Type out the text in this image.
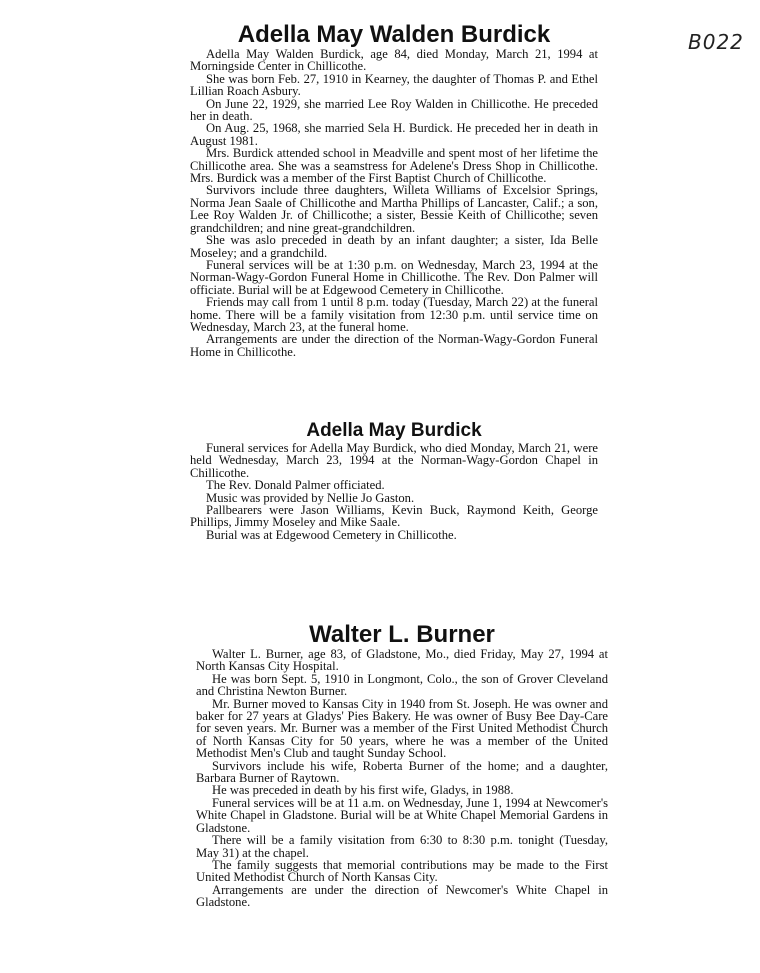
B022
Adella May Walden Burdick

Adella May Walden Burdick, age 84, died Monday, March 21, 1994 at Morningside Center in Chillicothe.

She was born Feb. 27, 1910 in Kearney, the daughter of Thomas P. and Ethel Lillian Roach Asbury.

On June 22, 1929, she married Lee Roy Walden in Chillicothe. He preceded her in death.

On Aug. 25, 1968, she married Sela H. Burdick. He preceded her in death in August 1981.

Mrs. Burdick attended school in Meadville and spent most of her lifetime the Chillicothe area. She was a seamstress for Adelene's Dress Shop in Chillicothe. Mrs. Burdick was a member of the First Baptist Church of Chillicothe.

Survivors include three daughters, Willeta Williams of Excelsior Springs, Norma Jean Saale of Chillicothe and Martha Phillips of Lancaster, Calif.; a son, Lee Roy Walden Jr. of Chillicothe; a sister, Bessie Keith of Chillicothe; seven grandchildren; and nine great-grandchildren.

She was aslo preceded in death by an infant daughter; a sister, Ida Belle Moseley; and a grandchild.

Funeral services will be at 1:30 p.m. on Wednesday, March 23, 1994 at the Norman-Wagy-Gordon Funeral Home in Chillicothe. The Rev. Don Palmer will officiate. Burial will be at Edgewood Cemetery in Chillicothe.

Friends may call from 1 until 8 p.m. today (Tuesday, March 22) at the funeral home. There will be a family visitation from 12:30 p.m. until service time on Wednesday, March 23, at the funeral home.

Arrangements are under the direction of the Norman-Wagy-Gordon Funeral Home in Chillicothe.

Adella May Burdick

Funeral services for Adella May Burdick, who died Monday, March 21, were held Wednesday, March 23, 1994 at the Norman-Wagy-Gordon Chapel in Chillicothe.

The Rev. Donald Palmer officiated.

Music was provided by Nellie Jo Gaston.

Pallbearers were Jason Williams, Kevin Buck, Raymond Keith, George Phillips, Jimmy Moseley and Mike Saale.

Burial was at Edgewood Cemetery in Chillicothe.

Walter L. Burner

Walter L. Burner, age 83, of Gladstone, Mo., died Friday, May 27, 1994 at North Kansas City Hospital.

He was born Sept. 5, 1910 in Longmont, Colo., the son of Grover Cleveland and Christina Newton Burner.

Mr. Burner moved to Kansas City in 1940 from St. Joseph. He was owner and baker for 27 years at Gladys' Pies Bakery. He was owner of Busy Bee Day-Care for seven years. Mr. Burner was a member of the First United Methodist Church of North Kansas City for 50 years, where he was a member of the United Methodist Men's Club and taught Sunday School.

Survivors include his wife, Roberta Burner of the home; and a daughter, Barbara Burner of Raytown.

He was preceded in death by his first wife, Gladys, in 1988.

Funeral services will be at 11 a.m. on Wednesday, June 1, 1994 at Newcomer's White Chapel in Gladstone. Burial will be at White Chapel Memorial Gardens in Gladstone.

There will be a family visitation from 6:30 to 8:30 p.m. tonight (Tuesday, May 31) at the chapel.

The family suggests that memorial contributions may be made to the First United Methodist Church of North Kansas City.

Arrangements are under the direction of Newcomer's White Chapel in Gladstone.
